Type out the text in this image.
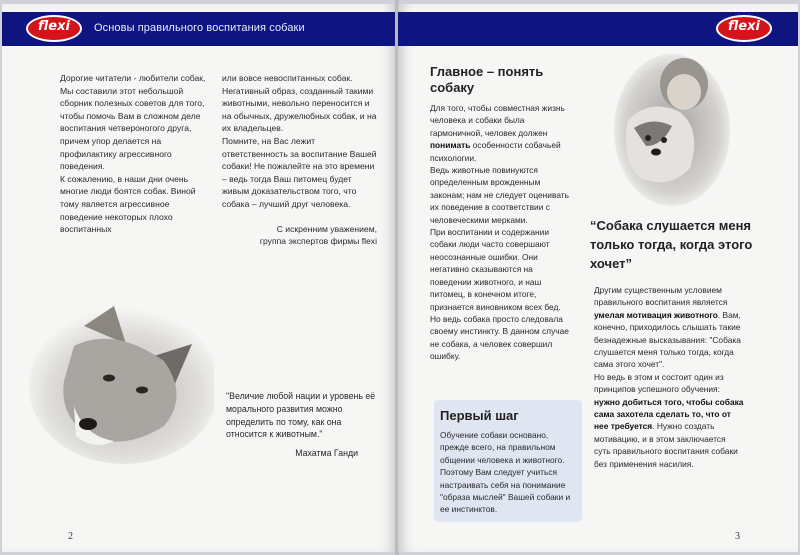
Основы правильного воспитания собаки
flexi

Дорогие читатели - любители собак,

Мы составили этот небольшой сборник полезных советов для того, чтобы помочь Вам в сложном деле воспитания четвероногого друга, причем упор делается на профилактику агрессивного поведения.

К сожалению, в наши дни очень многие люди боятся собак. Виной тому является агрессивное поведение некоторых плохо воспитанных

или вовсе невоспитанных собак. Негативный образ, созданный такими животными, невольно переносится и на обычных, дружелюбных собак, и на их владельцев.

Помните, на Вас лежит ответственность за воспитание Вашей собаки! Не пожалейте на это времени – ведь тогда Ваш питомец будет живым доказательством того, что собака – лучший друг человека.

С искренним уважением,

группа экспертов фирмы flexi

"Величие любой нации и уровень её морального развития можно определить по тому, как она относится к животным."

Махатма Ганди

2
flexi
Главное – понять собаку

Для того, чтобы совместная жизнь человека и собаки была гармоничной, человек должен понимать особенности собачьей психологии.

Ведь животные повинуются определенным врожденным законам; нам не следует оценивать их поведение в соответствии с человеческими мерками.

При воспитании и содержании собаки люди часто совершают неосознанные ошибки. Они негативно сказываются на поведении животного, и наш питомец, в конечном итоге, признается виновником всех бед. Но ведь собака просто следовала своему инстинкту. В данном случае не собака, а человек совершил ошибку.

“Собака слушается меня только тогда, когда этого хочет”

Другим существенным условием правильного воспитания является умелая мотивация животного. Вам, конечно, приходилось слышать такие безнадежные высказывания: "Собака слушается меня только тогда, когда сама этого хочет".

Но ведь в этом и состоит один из принципов успешного обучения: нужно добиться того, чтобы собака сама захотела сделать то, что от нее требуется. Нужно создать мотивацию, и в этом заключается суть правильного воспитания собаки без применения насилия.

Первый шаг
Обучение собаки основано, прежде всего, на правильном общении человека и животного. Поэтому Вам следует учиться настраивать себя на понимание "образа мыслей" Вашей собаки и ее инстинктов.
3
